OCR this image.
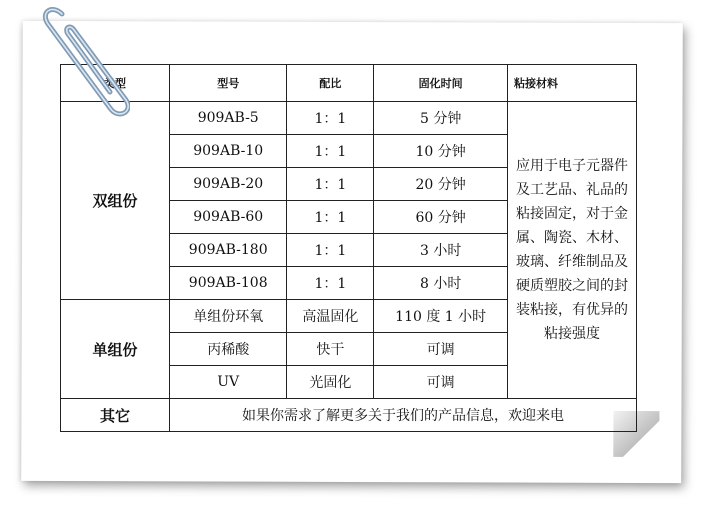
类型	型号	配比	固化时间	粘接材料
双组份	909AB-5	1：1	5 分钟	应用于电子元器件及工艺品、礼品的粘接固定，对于金属、陶瓷、木材、玻璃、纤维制品及硬质塑胶之间的封装粘接，有优异的粘接强度
	909AB-10	1：1	10 分钟	
	909AB-20	1：1	20 分钟	
	909AB-60	1：1	60 分钟	
	909AB-180	1：1	3 小时	
	909AB-108	1：1	8 小时	
单组份	单组份环氧	高温固化	110 度 1 小时	
	丙稀酸	快干	可调	
	UV	光固化	可调	
其它	如果你需求了解更多关于我们的产品信息，欢迎来电			
